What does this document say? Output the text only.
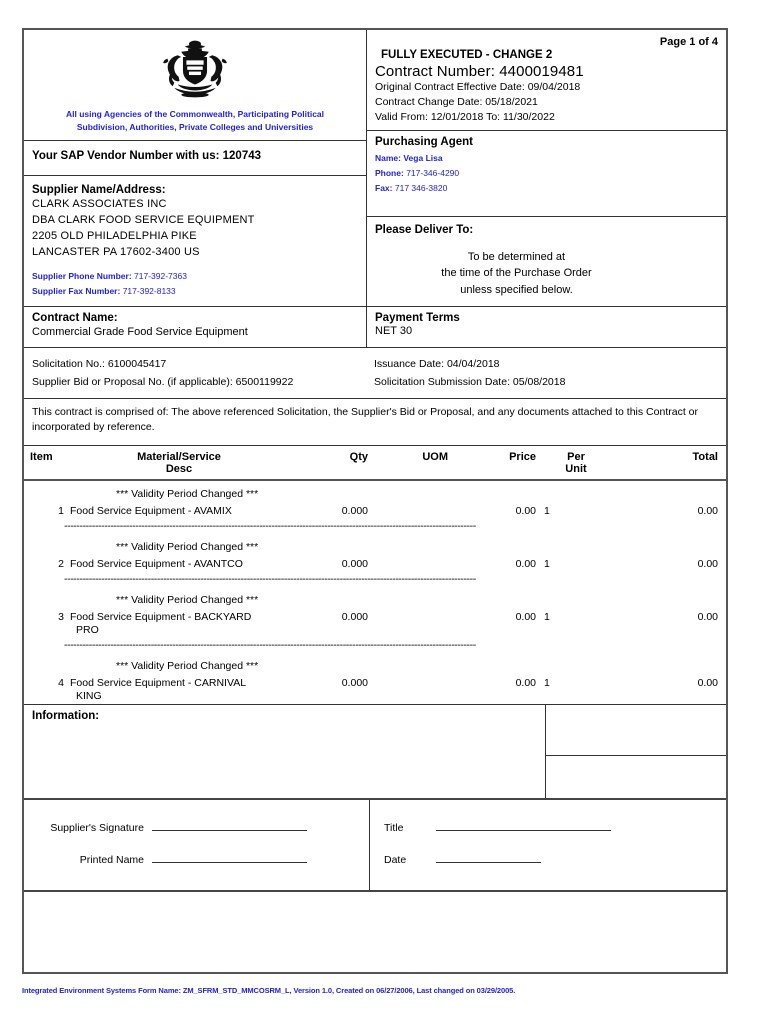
All using Agencies of the Commonwealth, Participating Political
Subdivision, Authorities, Private Colleges and Universities
Your SAP Vendor Number with us: 120743
Supplier Name/Address:
CLARK ASSOCIATES INC
DBA CLARK FOOD SERVICE EQUIPMENT
2205 OLD PHILADELPHIA PIKE
LANCASTER PA 17602-3400 US
Supplier Phone Number: 717-392-7363
Supplier Fax Number: 717-392-8133
Page 1 of 4
FULLY EXECUTED - CHANGE 2
Contract Number: 4400019481
Original Contract Effective Date: 09/04/2018
Contract Change Date: 05/18/2021
Valid From: 12/01/2018 To: 11/30/2022
Purchasing Agent
Name: Vega Lisa
Phone: 717-346-4290
Fax: 717 346-3820
Please Deliver To:
To be determined at
the time of the Purchase Order
unless specified below.
Contract Name:
Commercial Grade Food Service Equipment
Payment Terms
NET 30
Solicitation No.: 6100045417	Issuance Date: 04/04/2018
Supplier Bid or Proposal No. (if applicable): 6500119922	Solicitation Submission Date: 05/08/2018
This contract is comprised of: The above referenced Solicitation, the Supplier's Bid or Proposal, and any documents attached to this Contract or incorporated by reference.
Item	Material/Service
Desc
Qty	UOM	Price	Per
Unit
Total
*** Validity Period Changed ***
1 Food Service Equipment - AVAMIX	0.000	0.00 1	0.00
-------------------------------------------------------------------------------------------------------------------------------------
*** Validity Period Changed ***
2 Food Service Equipment - AVANTCO	0.000	0.00 1	0.00
-------------------------------------------------------------------------------------------------------------------------------------
*** Validity Period Changed ***
3 Food Service Equipment - BACKYARD	0.000	0.00 1	0.00
PRO
-------------------------------------------------------------------------------------------------------------------------------------
*** Validity Period Changed ***
4 Food Service Equipment - CARNIVAL	0.000	0.00 1	0.00
KING
Information:
Supplier's Signature
Printed Name
Title
Date
Integrated Environment Systems Form Name: ZM_SFRM_STD_MMCOSRM_L, Version 1.0, Created on 06/27/2006, Last changed on 03/29/2005.
